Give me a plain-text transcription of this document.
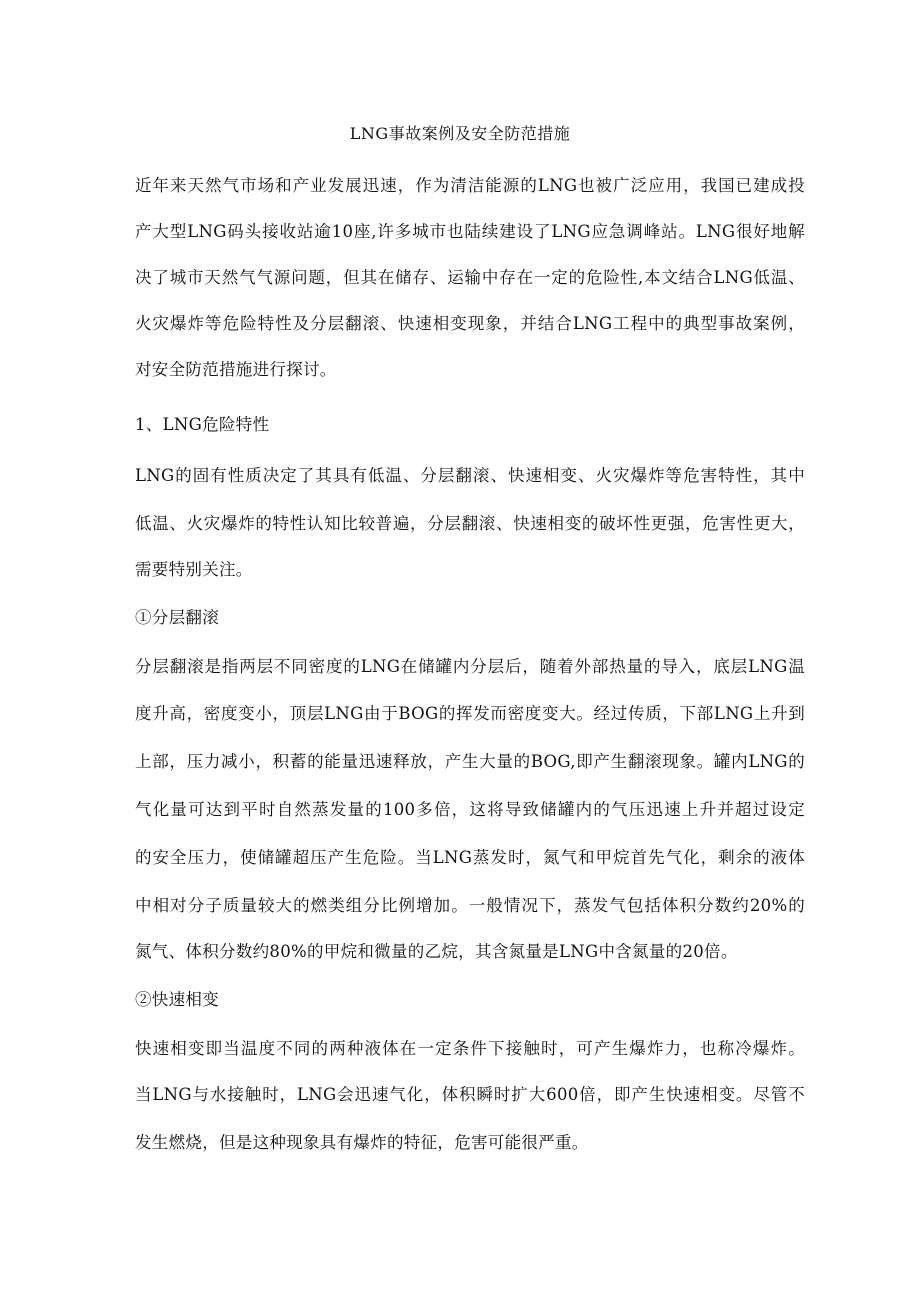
LNG事故案例及安全防范措施
近年来天然气市场和产业发展迅速，作为清洁能源的LNG也被广泛应用，我国已建成投
产大型LNG码头接收站逾10座,许多城市也陆续建设了LNG应急调峰站。LNG很好地解
决了城市天然气气源问题，但其在储存、运输中存在一定的危险性,本文结合LNG低温、
火灾爆炸等危险特性及分层翻滚、快速相变现象，并结合LNG工程中的典型事故案例，
对安全防范措施进行探讨。
1、LNG危险特性
LNG的固有性质决定了其具有低温、分层翻滚、快速相变、火灾爆炸等危害特性，其中
低温、火灾爆炸的特性认知比较普遍，分层翻滚、快速相变的破坏性更强，危害性更大，
需要特别关注。
①分层翻滚
分层翻滚是指两层不同密度的LNG在储罐内分层后，随着外部热量的导入，底层LNG温
度升高，密度变小，顶层LNG由于BOG的挥发而密度变大。经过传质，下部LNG上升到
上部，压力减小，积蓄的能量迅速释放，产生大量的BOG,即产生翻滚现象。罐内LNG的
气化量可达到平时自然蒸发量的100多倍，这将导致储罐内的气压迅速上升并超过设定
的安全压力，使储罐超压产生危险。当LNG蒸发时，氮气和甲烷首先气化，剩余的液体
中相对分子质量较大的燃类组分比例增加。一般情况下，蒸发气包括体积分数约20%的
氮气、体积分数约80%的甲烷和微量的乙烷，其含氮量是LNG中含氮量的20倍。
②快速相变
快速相变即当温度不同的两种液体在一定条件下接触时，可产生爆炸力，也称冷爆炸。
当LNG与水接触时，LNG会迅速气化，体积瞬时扩大600倍，即产生快速相变。尽管不
发生燃烧，但是这种现象具有爆炸的特征，危害可能很严重。
